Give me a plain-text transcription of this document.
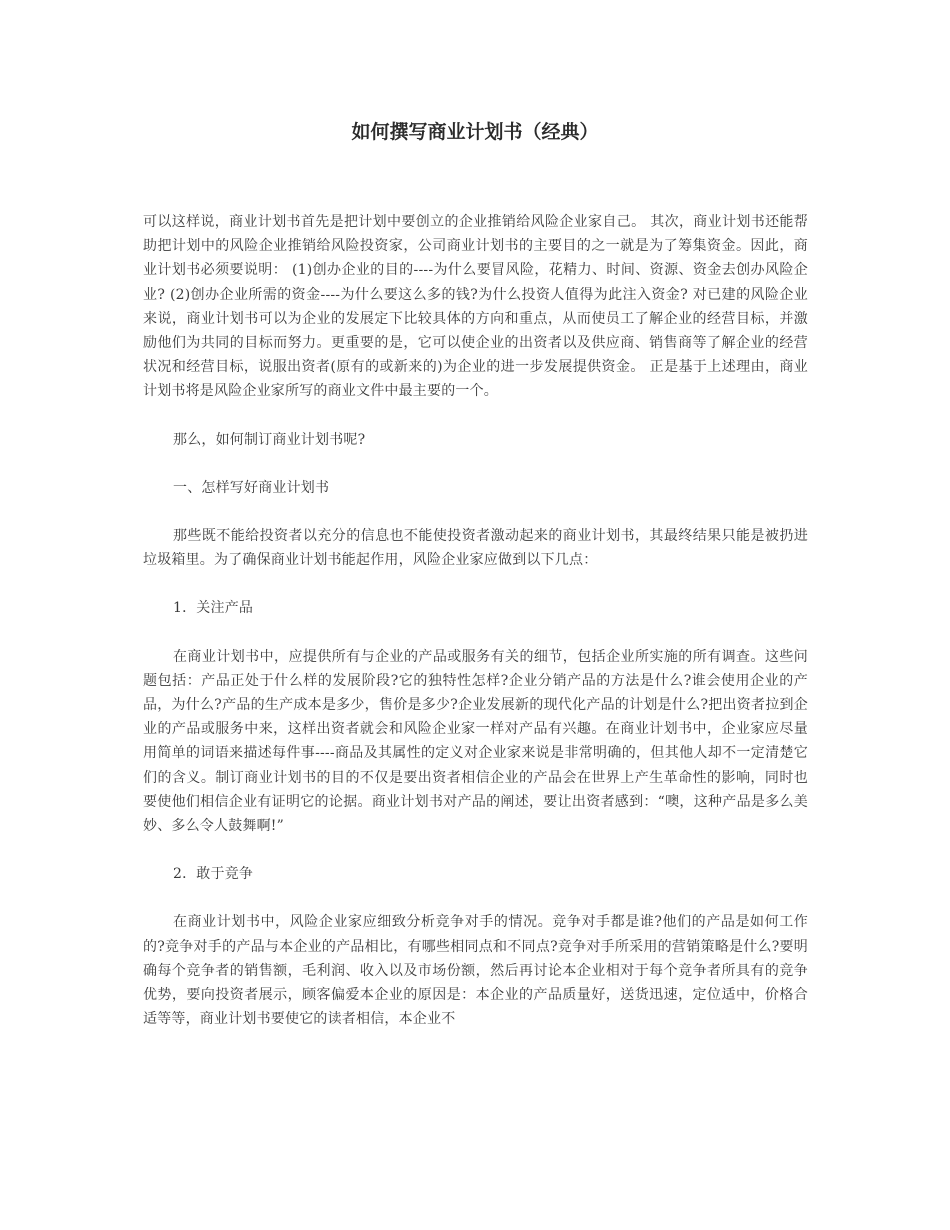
如何撰写商业计划书（经典）

可以这样说，商业计划书首先是把计划中要创立的企业推销给风险企业家自己。 其次，商业计划书还能帮助把计划中的风险企业推销给风险投资家，公司商业计划书的主要目的之一就是为了筹集资金。因此，商业计划书必须要说明： (1)创办企业的目的----为什么要冒风险，花精力、时间、资源、资金去创办风险企业? (2)创办企业所需的资金----为什么要这么多的钱?为什么投资人值得为此注入资金? 对已建的风险企业来说，商业计划书可以为企业的发展定下比较具体的方向和重点，从而使员工了解企业的经营目标，并激励他们为共同的目标而努力。更重要的是，它可以使企业的出资者以及供应商、销售商等了解企业的经营状况和经营目标，说服出资者(原有的或新来的)为企业的进一步发展提供资金。 正是基于上述理由，商业计划书将是风险企业家所写的商业文件中最主要的一个。

那么，如何制订商业计划书呢?

一、怎样写好商业计划书

那些既不能给投资者以充分的信息也不能使投资者激动起来的商业计划书，其最终结果只能是被扔进垃圾箱里。为了确保商业计划书能起作用，风险企业家应做到以下几点：

1．关注产品

在商业计划书中，应提供所有与企业的产品或服务有关的细节，包括企业所实施的所有调查。这些问题包括：产品正处于什么样的发展阶段?它的独特性怎样?企业分销产品的方法是什么?谁会使用企业的产品，为什么?产品的生产成本是多少，售价是多少?企业发展新的现代化产品的计划是什么?把出资者拉到企业的产品或服务中来，这样出资者就会和风险企业家一样对产品有兴趣。在商业计划书中，企业家应尽量用简单的词语来描述每件事----商品及其属性的定义对企业家来说是非常明确的，但其他人却不一定清楚它们的含义。制订商业计划书的目的不仅是要出资者相信企业的产品会在世界上产生革命性的影响，同时也要使他们相信企业有证明它的论据。商业计划书对产品的阐述，要让出资者感到：“噢，这种产品是多么美妙、多么令人鼓舞啊!”

2．敢于竞争

在商业计划书中，风险企业家应细致分析竞争对手的情况。竞争对手都是谁?他们的产品是如何工作的?竞争对手的产品与本企业的产品相比，有哪些相同点和不同点?竞争对手所采用的营销策略是什么?要明确每个竞争者的销售额，毛利润、收入以及市场份额，然后再讨论本企业相对于每个竞争者所具有的竞争优势，要向投资者展示，顾客偏爱本企业的原因是：本企业的产品质量好，送货迅速，定位适中，价格合适等等，商业计划书要使它的读者相信，本企业不
